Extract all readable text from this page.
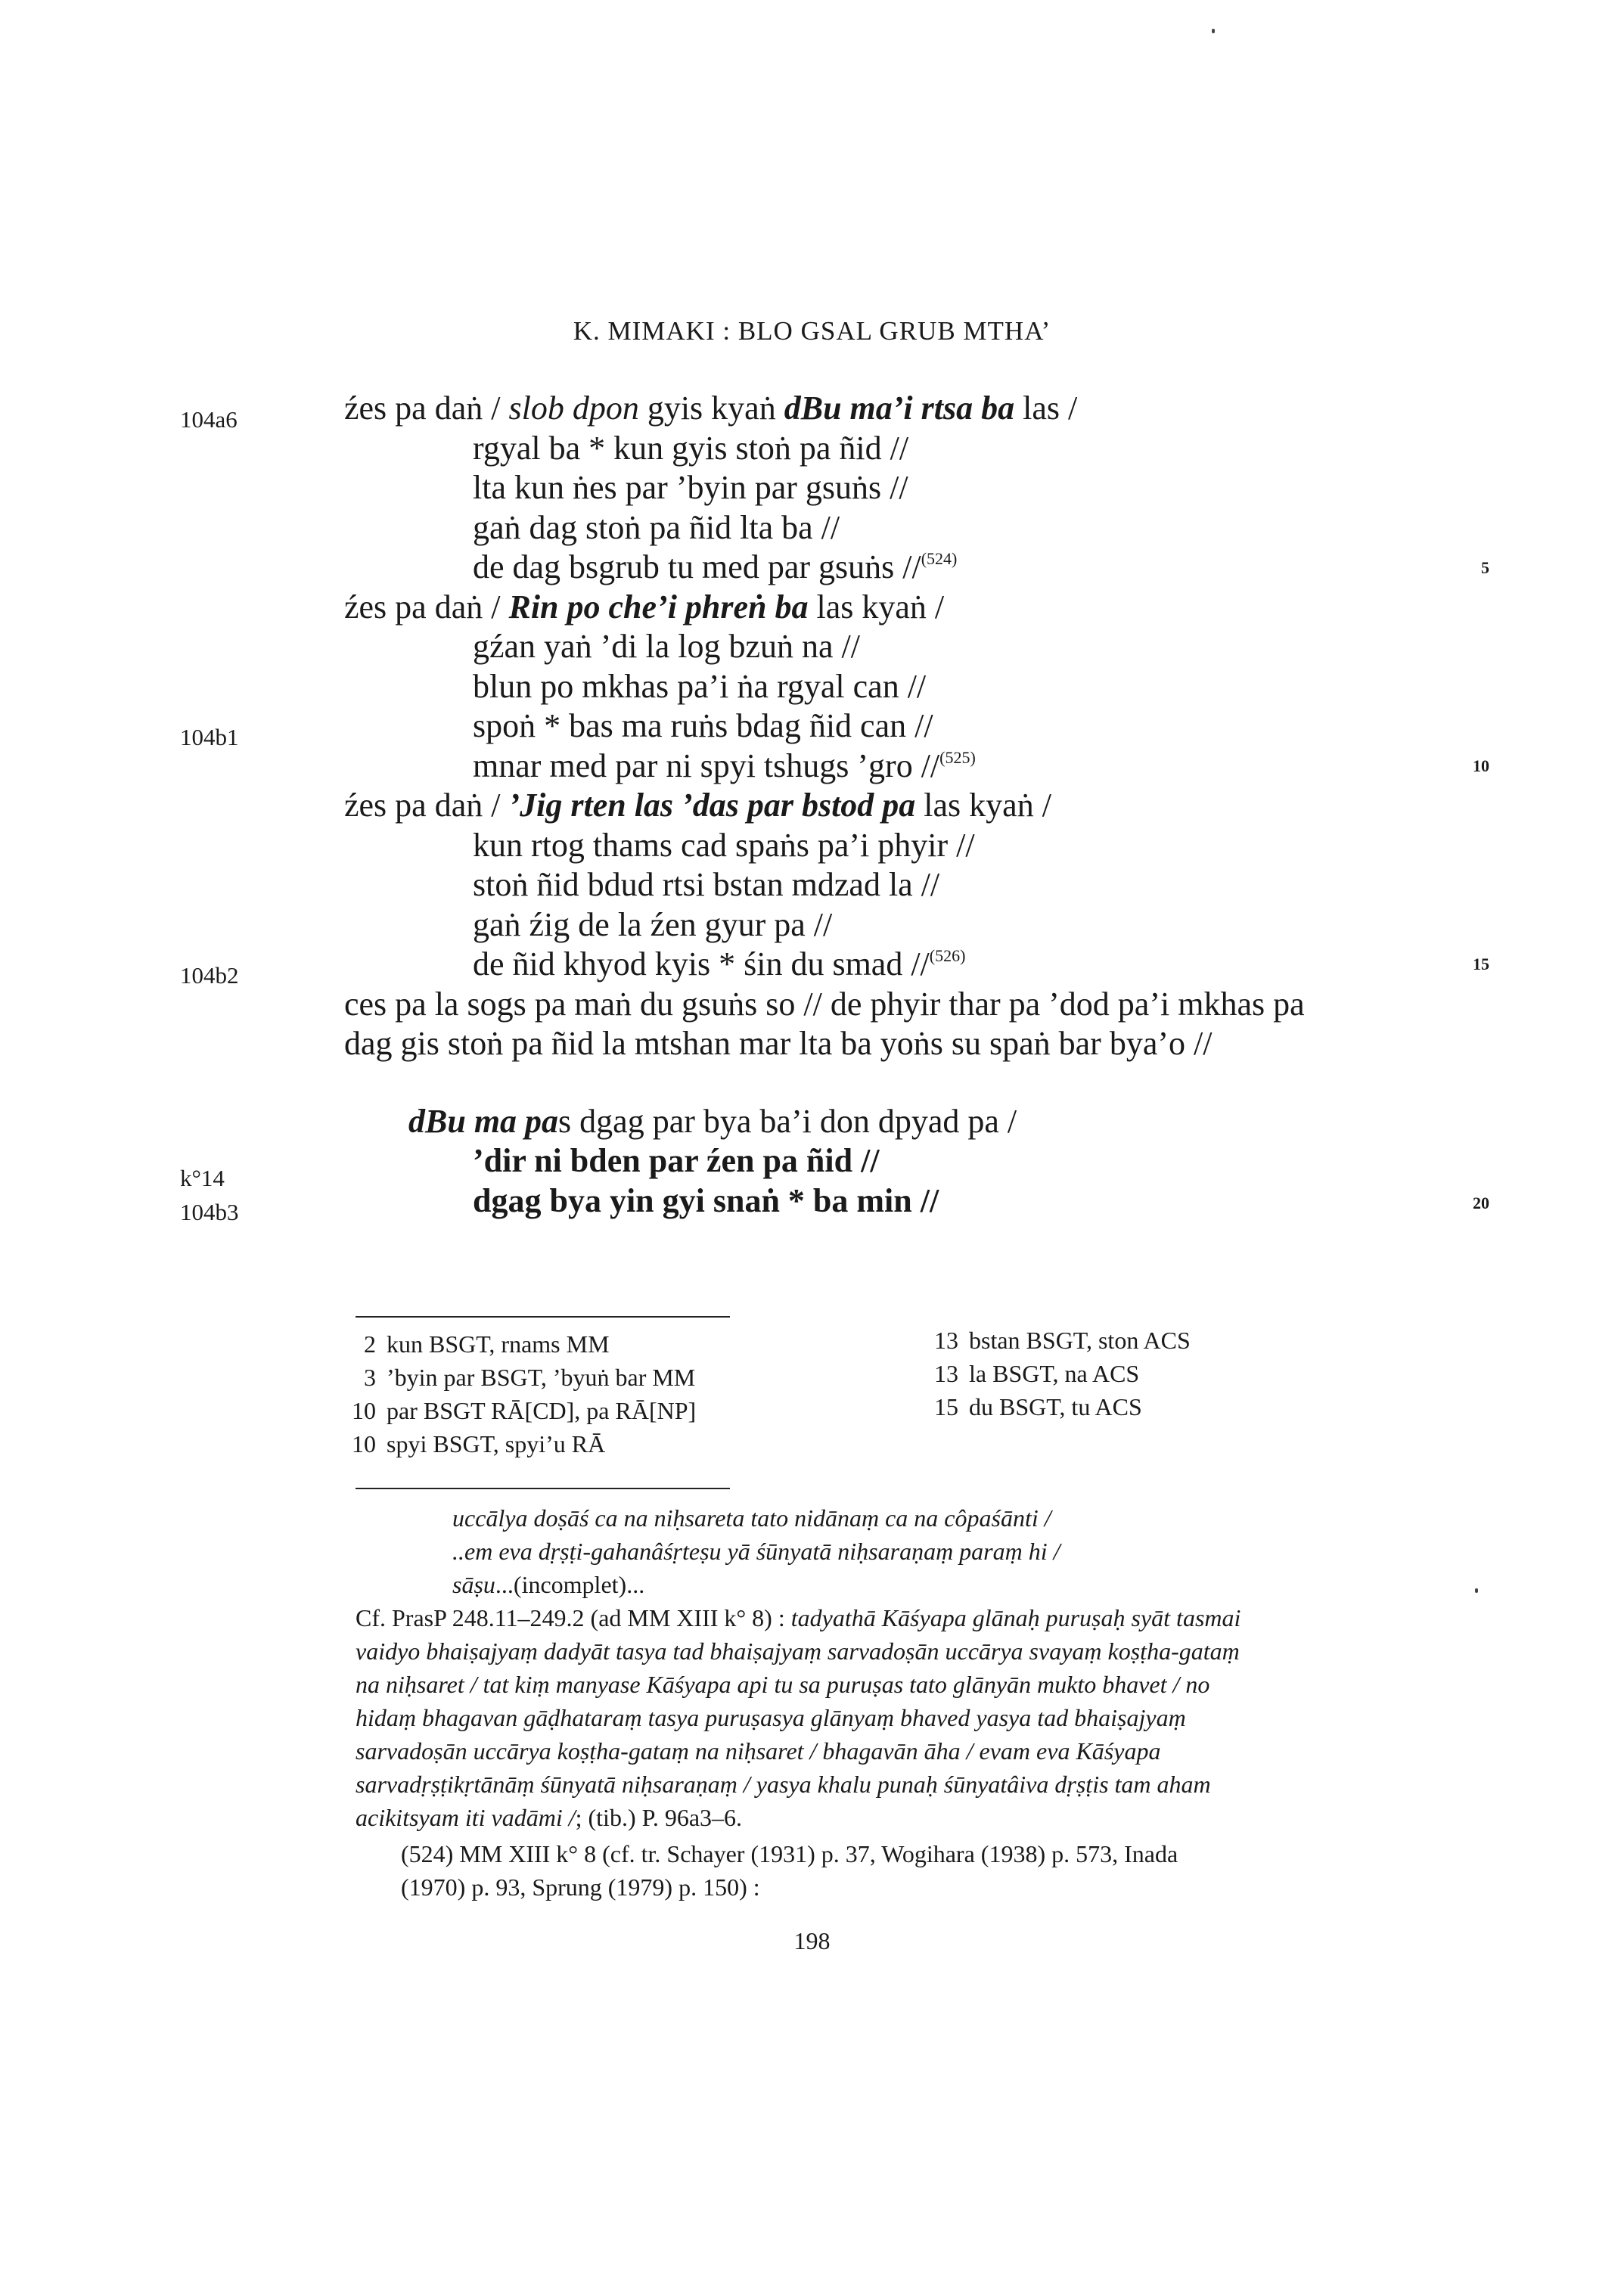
K. MIMAKI : BLO GSAL GRUB MTHA’
104a6
104b1
104b2
k°14
104b3
5
10
15
20
źes pa daṅ / slob dpon gyis kyaṅ dBu ma’i rtsa ba las /
rgyal ba * kun gyis stoṅ pa ñid //
lta kun ṅes par ’byin par gsuṅs //
gaṅ dag stoṅ pa ñid lta ba //
de dag bsgrub tu med par gsuṅs //$^{(524)}$
źes pa daṅ / Rin po che’i phreṅ ba las kyaṅ /
gźan yaṅ ’di la log bzuṅ na //
blun po mkhas pa’i ṅa rgyal can //
spoṅ * bas ma ruṅs bdag ñid can //
mnar med par ni spyi tshugs ’gro //$^{(525)}$
źes pa daṅ / ’Jig rten las ’das par bstod pa las kyaṅ /
kun rtog thams cad spaṅs pa’i phyir //
stoṅ ñid bdud rtsi bstan mdzad la //
gaṅ źig de la źen gyur pa //
de ñid khyod kyis * śin du smad //$^{(526)}$
ces pa la sogs pa maṅ du gsuṅs so // de phyir thar pa ’dod pa’i mkhas pa
dag gis stoṅ pa ñid la mtshan mar lta ba yoṅs su spaṅ bar bya’o //
dBu ma pas dgag par bya ba’i don dpyad pa /
’dir ni bden par źen pa ñid //
dgag bya yin gyi snaṅ * ba min //
2 kun BSGT, rnams MM
3 ’byin par BSGT, ’byuṅ bar MM
10 par BSGT RĀ[CD], pa RĀ[NP]
10 spyi BSGT, spyi’u RĀ
13 bstan BSGT, ston ACS
13 la BSGT, na ACS
15 du BSGT, tu ACS
uccālya doṣāś ca na niḥsareta tato nidānaṃ ca na côpaśānti /
..em eva dṛṣṭi-gahanâśṛteṣu yā śūnyatā niḥsaraṇaṃ paraṃ hi /
sāṣu...(incomplet)...
Cf. PrasP 248.11–249.2 (ad MM XIII k° 8) : tadyathā Kāśyapa glānaḥ puruṣaḥ syāt tasmai
vaidyo bhaiṣajyaṃ dadyāt tasya tad bhaiṣajyaṃ sarvadoṣān uccārya svayaṃ koṣṭha-gataṃ
na niḥsaret / tat kiṃ manyase Kāśyapa api tu sa puruṣas tato glānyān mukto bhavet / no
hidaṃ bhagavan gāḍhataraṃ tasya puruṣasya glānyaṃ bhaved yasya tad bhaiṣajyaṃ
sarvadoṣān uccārya koṣṭha-gataṃ na niḥsaret / bhagavān āha / evam eva Kāśyapa
sarvadṛṣṭikṛtānāṃ śūnyatā niḥsaraṇaṃ / yasya khalu punaḥ śūnyatâiva dṛṣṭis tam aham
acikitsyam iti vadāmi /; (tib.) P. 96a3–6.
(524) MM XIII k° 8 (cf. tr. Schayer (1931) p. 37, Wogihara (1938) p. 573, Inada
(1970) p. 93, Sprung (1979) p. 150) :
198
